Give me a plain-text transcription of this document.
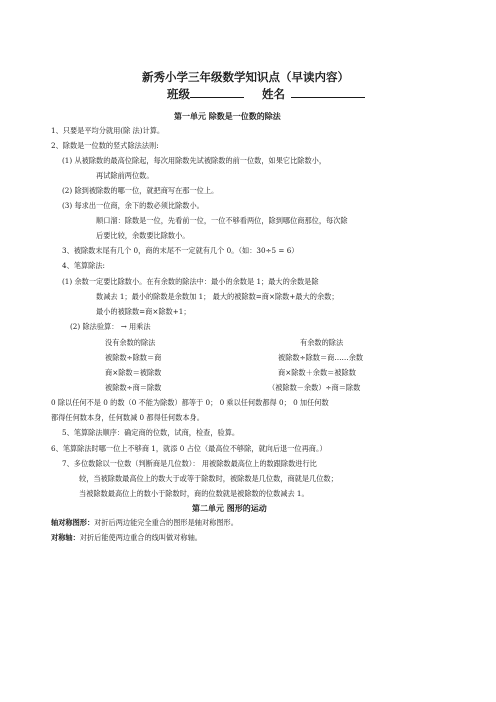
新秀小学三年级数学知识点（早读内容）
班级	姓名
第一单元 除数是一位数的除法
1、只要是平均分就用(除 法)计算。
2、除数是一位数的竖式除法法则:
(1) 从被除数的最高位除起，每次用除数先试被除数的前一位数，如果它比除数小，
再试除前两位数。
(2) 除到被除数的哪一位，就把商写在那一位上。
(3) 每求出一位商，余下的数必须比除数小。
顺口溜：除数是一位，先看前一位，一位不够看两位，除到哪位商那位，每次除
后要比较，余数要比除数小。
3、被除数末尾有几个 0，商的末尾不一定就有几个 0。（如：30÷5 = 6）
4、笔算除法:
(1) 余数一定要比除数小。在有余数的除法中：最小的余数是 1；最大的余数是除
数减去 1；最小的除数是余数加 1； 最大的被除数=商×除数+最大的余数；
最小的被除数=商×除数+1；
(2) 除法验算： → 用乘法
没有余数的除法
被除数÷除数＝商
商×除数＝被除数
被除数÷商＝除数
有余数的除法
被除数÷除数＝商……余数
商×除数＋余数＝被除数
（被除数－余数）÷商＝除数
0 除以任何不是 0 的数（0 不能为除数）都等于 0； 0 乘以任何数都得 0； 0 加任何数
都得任何数本身，任何数减 0 都得任何数本身。
5、笔算除法顺序：确定商的位数，试商，检查，验算。
6、笔算除法时哪一位上不够商 1，就添 0 占位（最高位不够除，就向后退一位再商。）
7、多位数除以一位数（判断商是几位数）： 用被除数最高位上的数跟除数进行比
较，当被除数最高位上的数大于或等于除数时，被除数是几位数，商就是几位数；
当被除数最高位上的数小于除数时，商的位数就是被除数的位数减去 1。
第二单元 图形的运动
轴对称图形：对折后两边能完全重合的图形是轴对称图形。
对称轴：对折后能使两边重合的线叫做对称轴。
